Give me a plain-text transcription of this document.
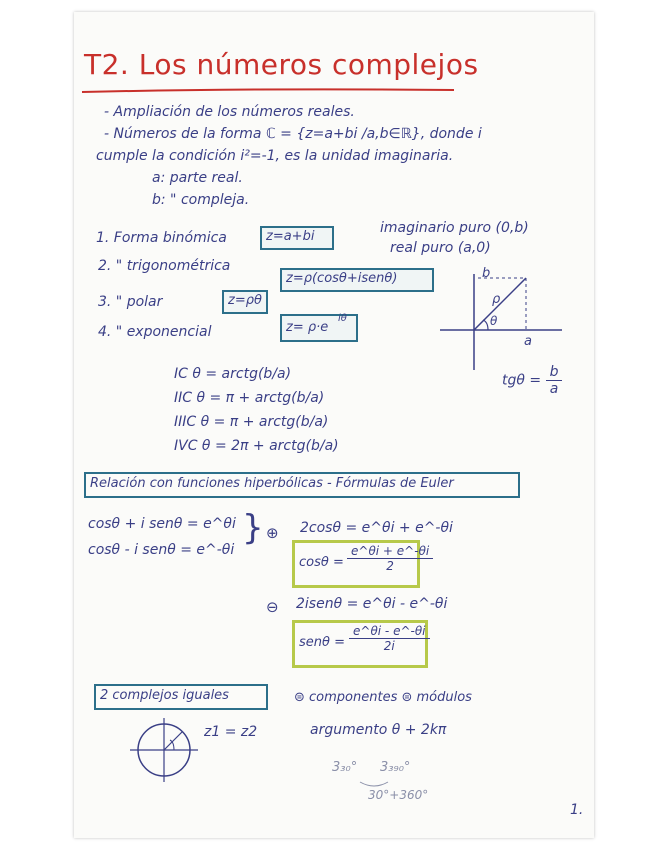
T2. Los números complejos
- Ampliación de los números reales.
- Números de la forma ℂ = {z=a+bi /a,b∈ℝ}, donde i
cumple la condición i²=-1, es la unidad imaginaria.
a: parte real.
b: " compleja.
1. Forma binómica	z=a+bi
2. " trigonométrica
z=ρ(cosθ+isenθ)
3. " polar	z=ρθ
4. " exponencial	z= ρ·e
iθ
imaginario puro (0,b)
real puro (a,0)
b
ρ
θ
a
$tg\theta = \frac{b}{a}$
IC θ = arctg(b/a)
IIC θ = π + arctg(b/a)
IIIC θ = π + arctg(b/a)
IVC θ = 2π + arctg(b/a)
Relación con funciones hiperbólicas - Fórmulas de Euler
cosθ + i senθ = e^θi
cosθ - i senθ = e^-θi
} ⊕ 2cosθ = e^θi + e^-θi
$\cos\theta = \frac{e\^{}\theta i + e\^{}-\theta i}{2}$
⊖ 2isenθ = e^θi - e^-θi
$sen\theta = \frac{e\^{}\theta i - e\^{}-\theta i}{2i}$
2 complejos iguales	⊜ componentes ⊜ módulos
z1 = z2	argumento θ + 2kπ
3₃₀° 3₃₉₀°
30°+360°
1.
